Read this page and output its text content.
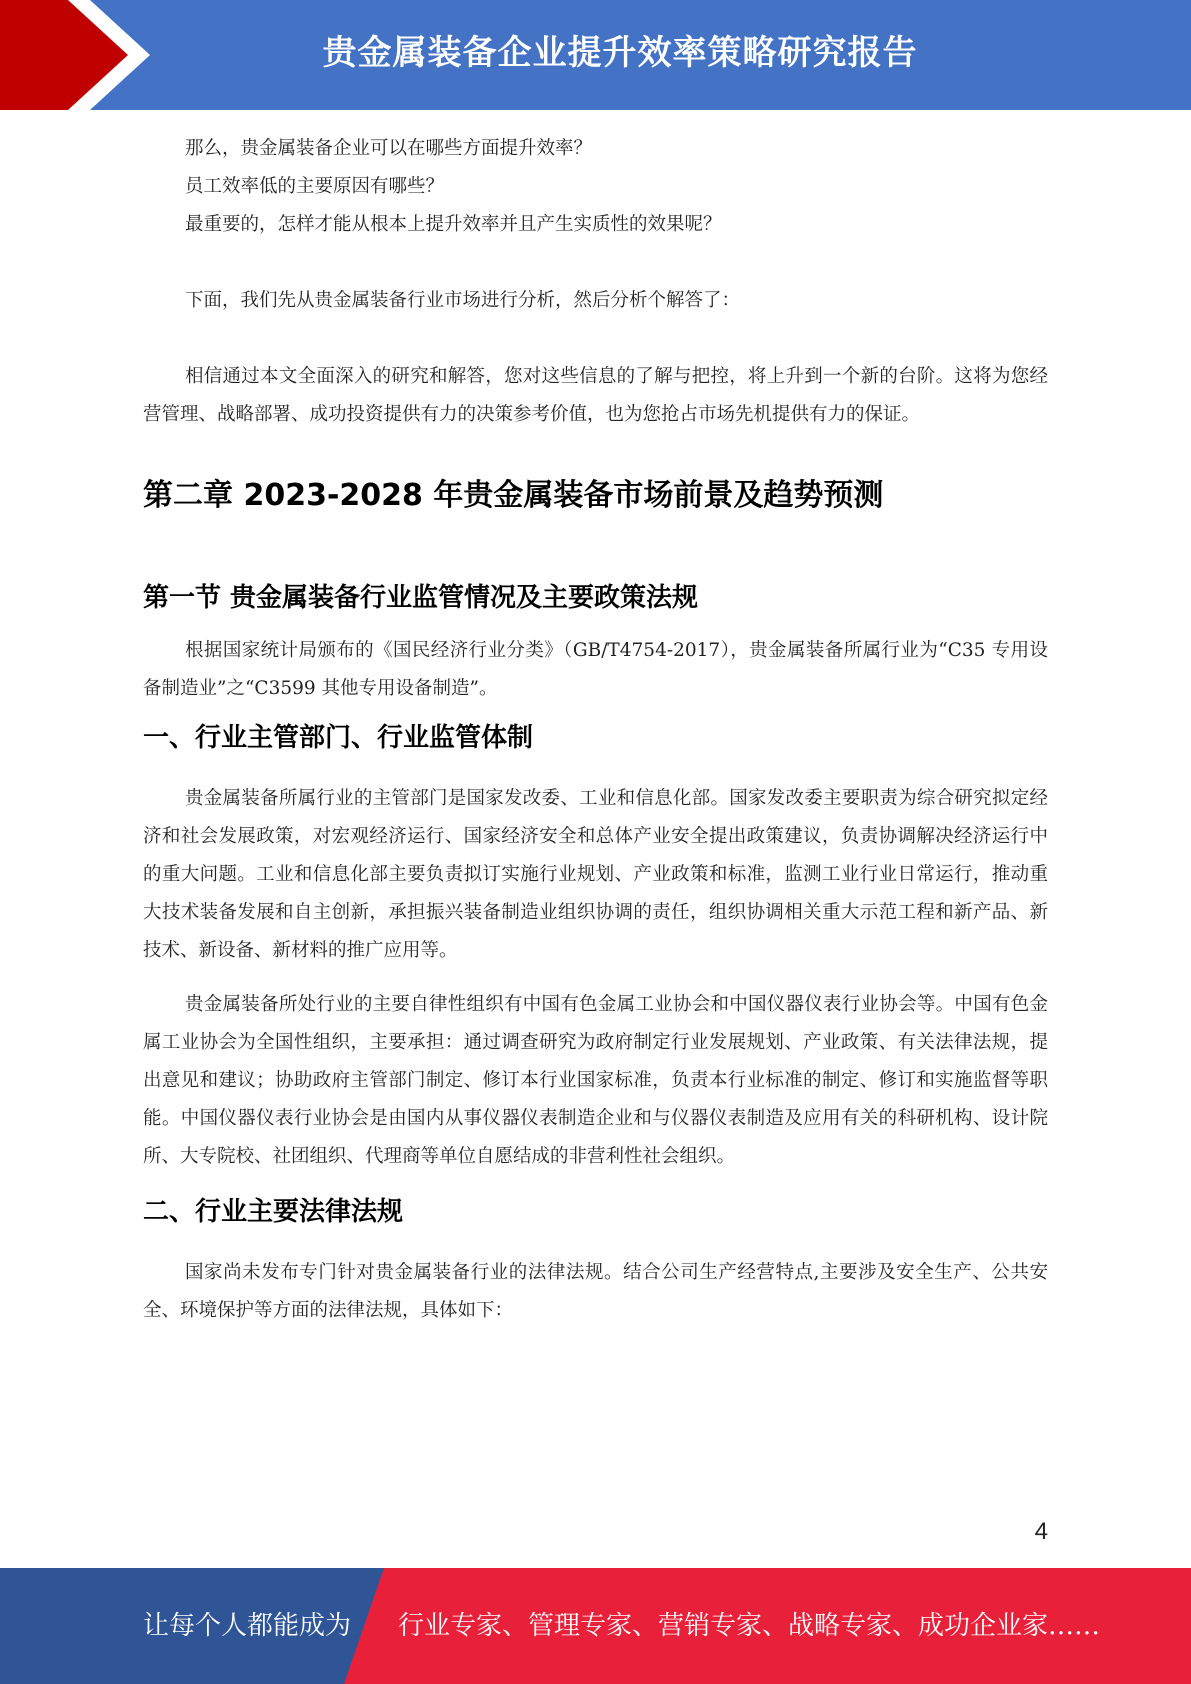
贵金属装备企业提升效率策略研究报告

那么，贵金属装备企业可以在哪些方面提升效率？

员工效率低的主要原因有哪些？

最重要的，怎样才能从根本上提升效率并且产生实质性的效果呢？

下面，我们先从贵金属装备行业市场进行分析，然后分析个解答了：

相信通过本文全面深入的研究和解答，您对这些信息的了解与把控，将上升到一个新的台阶。这将为您经营管理、战略部署、成功投资提供有力的决策参考价值，也为您抢占市场先机提供有力的保证。

第二章 2023-2028 年贵金属装备市场前景及趋势预测
第一节 贵金属装备行业监管情况及主要政策法规

根据国家统计局颁布的《国民经济行业分类》（GB/T4754-2017），贵金属装备所属行业为“C35 专用设备制造业”之“C3599 其他专用设备制造”。

一、行业主管部门、行业监管体制

贵金属装备所属行业的主管部门是国家发改委、工业和信息化部。国家发改委主要职责为综合研究拟定经济和社会发展政策，对宏观经济运行、国家经济安全和总体产业安全提出政策建议，负责协调解决经济运行中的重大问题。工业和信息化部主要负责拟订实施行业规划、产业政策和标准，监测工业行业日常运行，推动重大技术装备发展和自主创新，承担振兴装备制造业组织协调的责任，组织协调相关重大示范工程和新产品、新技术、新设备、新材料的推广应用等。

贵金属装备所处行业的主要自律性组织有中国有色金属工业协会和中国仪器仪表行业协会等。中国有色金属工业协会为全国性组织，主要承担：通过调查研究为政府制定行业发展规划、产业政策、有关法律法规，提出意见和建议；协助政府主管部门制定、修订本行业国家标准，负责本行业标准的制定、修订和实施监督等职能。中国仪器仪表行业协会是由国内从事仪器仪表制造企业和与仪器仪表制造及应用有关的科研机构、设计院所、大专院校、社团组织、代理商等单位自愿结成的非营利性社会组织。

二、行业主要法律法规

国家尚未发布专门针对贵金属装备行业的法律法规。结合公司生产经营特点,主要涉及安全生产、公共安全、环境保护等方面的法律法规，具体如下：

4
让每个人都能成为 行业专家、管理专家、营销专家、战略专家、成功企业家……
